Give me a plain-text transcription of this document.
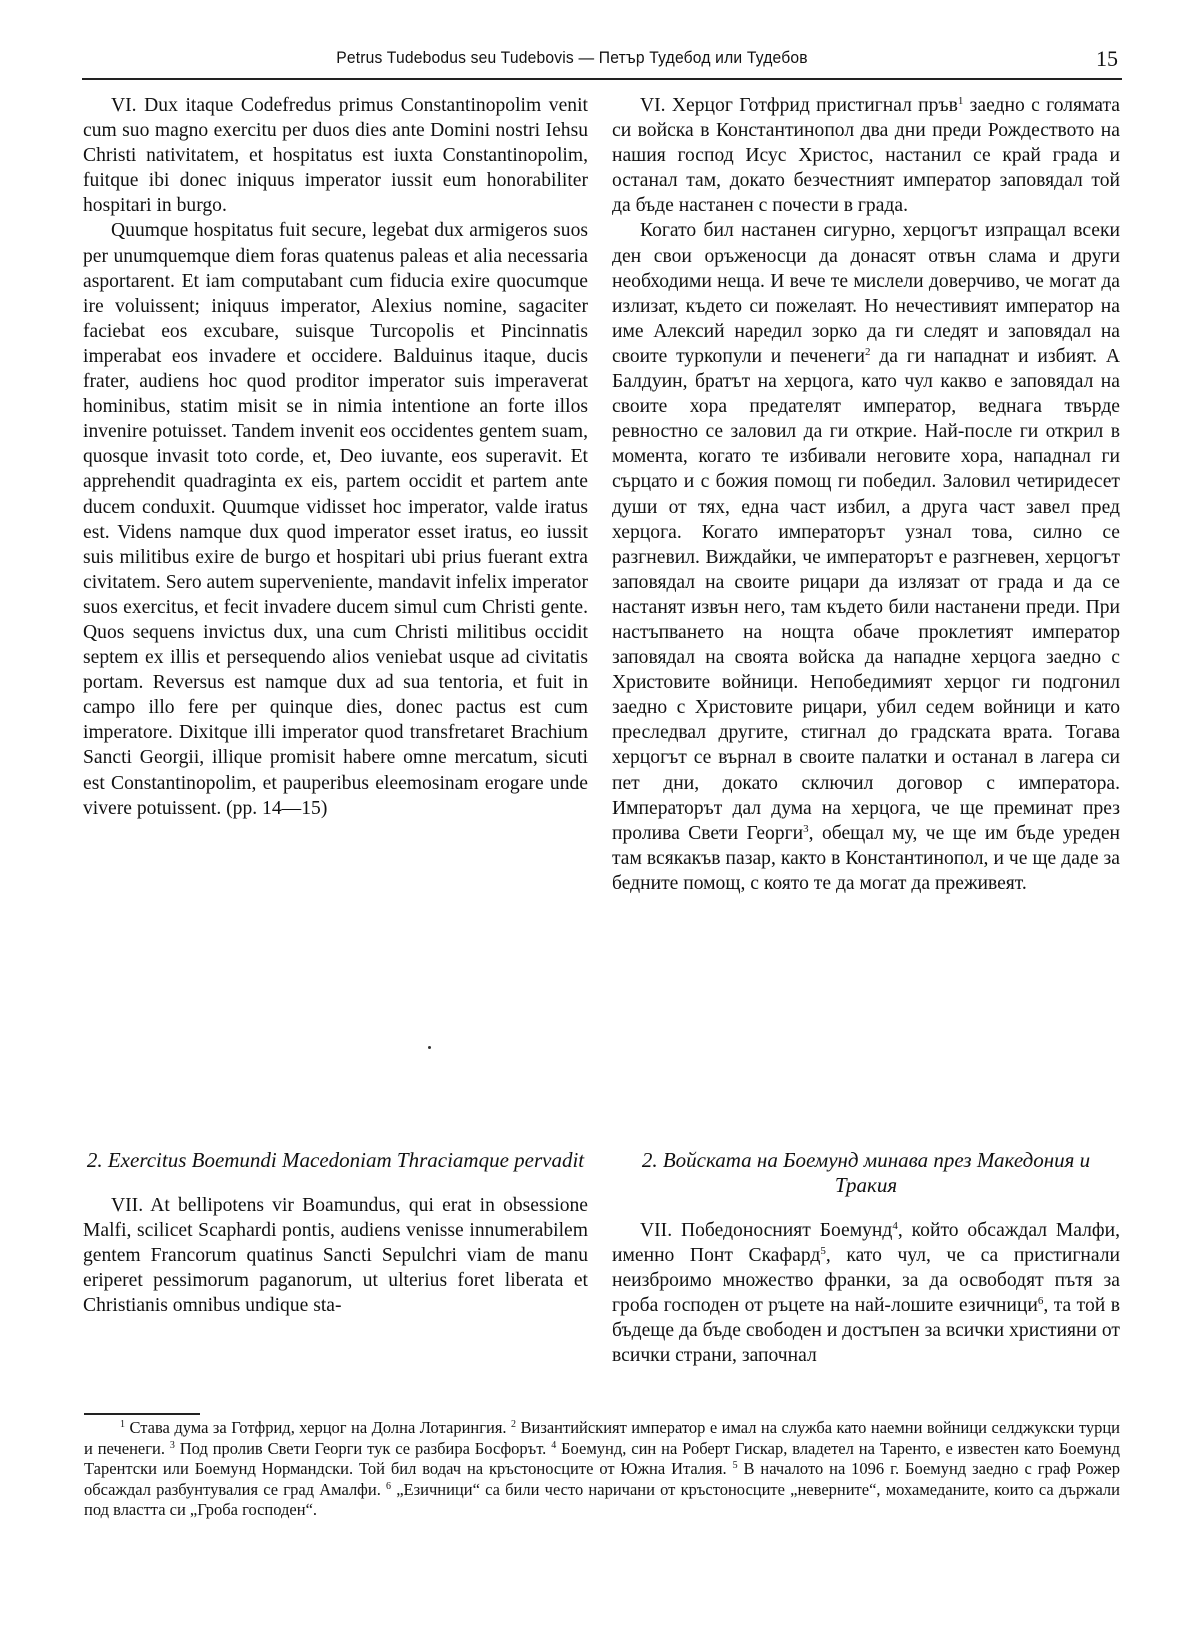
Petrus Tudebodus seu Tudebovis — Петър Тудебод или Тудебов	15

VI. Dux itaque Codefredus primus Constantinopolim venit cum suo magno exercitu per duos dies ante Domini nostri Iehsu Christi nativitatem, et hospitatus est iuxta Constantinopolim, fuitque ibi donec iniquus imperator iussit eum honorabiliter hospitari in burgo.

Quumque hospitatus fuit secure, legebat dux armigeros suos per unumquemque diem foras quatenus paleas et alia necessaria asportarent. Et iam computabant cum fiducia exire quocumque ire voluissent; iniquus imperator, Alexius nomine, sagaciter faciebat eos excubare, suisque Turcopolis et Pincinnatis imperabat eos invadere et occidere. Balduinus itaque, ducis frater, audiens hoc quod proditor imperator suis imperaverat hominibus, statim misit se in nimia intentione an forte illos invenire potuisset. Tandem invenit eos occidentes gentem suam, quosque invasit toto corde, et, Deo iuvante, eos superavit. Et apprehendit quadraginta ex eis, partem occidit et partem ante ducem conduxit. Quumque vidisset hoc imperator, valde iratus est. Videns namque dux quod imperator esset iratus, eo iussit suis militibus exire de burgo et hospitari ubi prius fuerant extra civitatem. Sero autem superveniente, mandavit infelix imperator suos exercitus, et fecit invadere ducem simul cum Christi gente. Quos sequens invictus dux, una cum Christi militibus occidit septem ex illis et persequendo alios veniebat usque ad civitatis portam. Reversus est namque dux ad sua tentoria, et fuit in campo illo fere per quinque dies, donec pactus est cum imperatore. Dixitque illi imperator quod transfretaret Brachium Sancti Georgii, illique promisit habere omne mercatum, sicuti est Constantinopolim, et pauperibus eleemosinam erogare unde vivere potuissent. (pp. 14—15)

2. Exercitus Boemundi Macedoniam Thraciamque pervadit

VII. At bellipotens vir Boamundus, qui erat in obsessione Malfi, scilicet Scaphardi pontis, audiens venisse innumerabilem gentem Francorum quatinus Sancti Sepulchri viam de manu eriperet pessimorum paganorum, ut ulterius foret liberata et Christianis omnibus undique sta-

VI. Херцог Готфрид пристигнал пръв$^1$ заедно с голямата си войска в Константинопол два дни преди Рождеството на нашия господ Исус Христос, настанил се край града и останал там, докато безчестният император заповядал той да бъде настанен с почести в града.

Когато бил настанен сигурно, херцогът изпращал всеки ден свои оръженосци да донасят отвън слама и други необходими неща. И вече те мислели доверчиво, че могат да излизат, където си пожелаят. Но нечестивият император на име Алексий наредил зорко да ги следят и заповядал на своите туркопули и печенеги$^2$ да ги нападнат и избият. А Балдуин, братът на херцога, като чул какво е заповядал на своите хора предателят император, веднага твърде ревностно се заловил да ги открие. Най-после ги открил в момента, когато те избивали неговите хора, нападнал ги сърцато и с божия помощ ги победил. Заловил четиридесет души от тях, една част избил, а друга част завел пред херцога. Когато императорът узнал това, силно се разгневил. Виждайки, че императорът е разгневен, херцогът заповядал на своите рицари да излязат от града и да се настанят извън него, там където били настанени преди. При настъпването на нощта обаче проклетият император заповядал на своята войска да нападне херцога заедно с Христовите войници. Непобедимият херцог ги подгонил заедно с Христовите рицари, убил седем войници и като преследвал другите, стигнал до градската врата. Тогава херцогът се върнал в своите палатки и останал в лагера си пет дни, докато сключил договор с императора. Императорът дал дума на херцога, че ще преминат през пролива Свети Георги$^3$, обещал му, че ще им бъде уреден там всякакъв пазар, както в Константинопол, и че ще даде за бедните помощ, с която те да могат да преживеят.

2. Войската на Боемунд минава през Македония и Тракия

VII. Победоносният Боемунд$^4$, който обсаждал Малфи, именно Понт Скафард$^5$, като чул, че са пристигнали неизброимо множество франки, за да освободят пътя за гроба господен от ръцете на най-лошите езичници$^6$, та той в бъдеще да бъде свободен и достъпен за всички християни от всички страни, започнал

$^1$ Става дума за Готфрид, херцог на Долна Лотарингия. $^2$ Византийският император е имал на служба като наемни войници селджукски турци и печенеги. $^3$ Под пролив Свети Георги тук се разбира Босфорът. $^4$ Боемунд, син на Роберт Гискар, владетел на Таренто, е известен като Боемунд Тарентски или Боемунд Нормандски. Той бил водач на кръстоносците от Южна Италия. $^5$ В началото на 1096 г. Боемунд заедно с граф Рожер обсаждал разбунтувалия се град Амалфи. $^6$ „Езичници“ са били често наричани от кръстоносците „неверните“, мохамеданите, които са държали под властта си „Гроба господен“.
